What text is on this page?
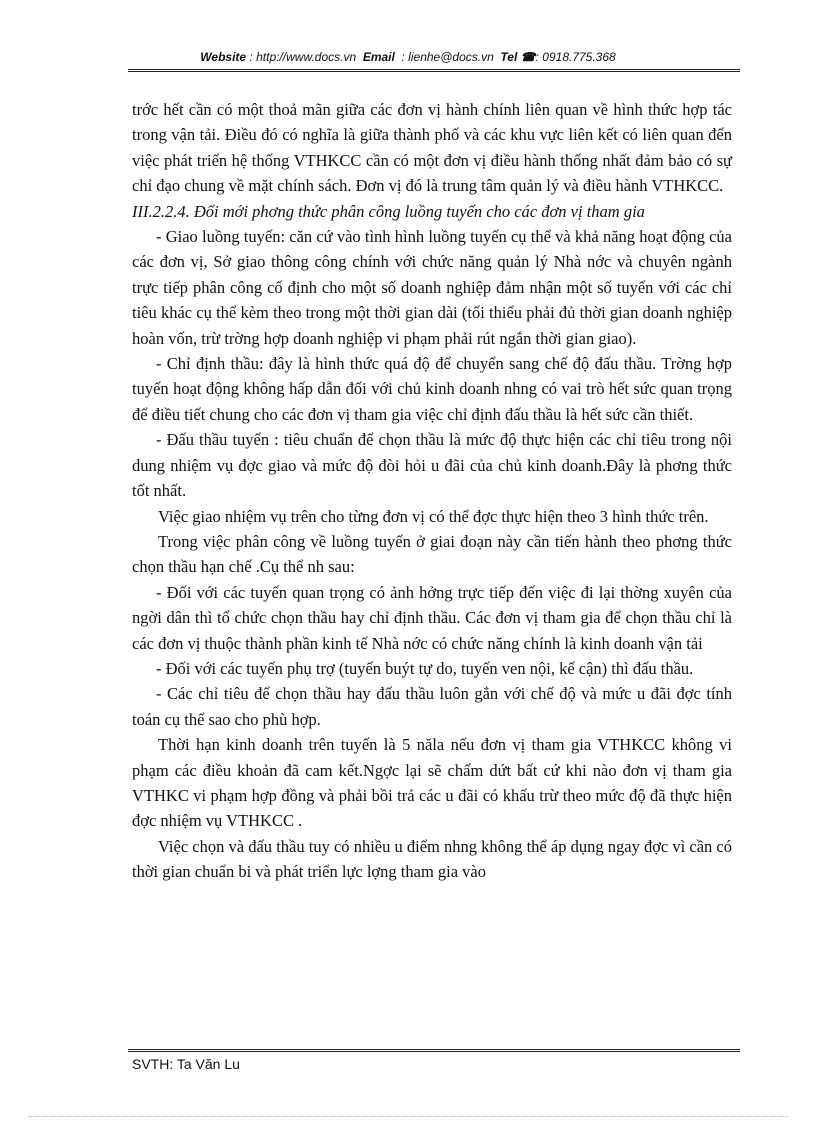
Website : http://www.docs.vn Email : lienhe@docs.vn Tel ☎: 0918.775.368

trớc hết cần có một thoả mãn giữa các đơn vị hành chính liên quan về hình thức hợp tác trong vận tải. Điều đó có nghĩa là giữa thành phố và các khu vực liên kết có liên quan đến việc phát triển hệ thống VTHKCC cần có một đơn vị điều hành thống nhất đảm bảo có sự chỉ đạo chung về mặt chính sách. Đơn vị đó là trung tâm quản lý và điều hành VTHKCC.

III.2.2.4. Đổi mới phơng thức phân công luồng tuyến cho các đơn vị tham gia

- Giao luồng tuyến: căn cứ vào tình hình luồng tuyến cụ thể và khả năng hoạt động của các đơn vị, Sở giao thông công chính với chức năng quản lý Nhà nớc và chuyên ngành trực tiếp phân công cố định cho một số doanh nghiệp đảm nhận một số tuyến với các chỉ tiêu khác cụ thể kèm theo trong một thời gian dài (tối thiểu phải đủ thời gian doanh nghiệp hoàn vốn, trừ trờng hợp doanh nghiệp vi phạm phải rút ngắn thời gian giao).

- Chỉ định thầu: đây là hình thức quá độ để chuyển sang chế độ đấu thầu. Trờng hợp tuyến hoạt động không hấp dẫn đối với chủ kinh doanh nhng có vai trò hết sức quan trọng để điều tiết chung cho các đơn vị tham gia việc chỉ định đấu thầu là hết sức cần thiết.

- Đấu thầu tuyến : tiêu chuẩn để chọn thầu là mức độ thực hiện các chỉ tiêu trong nội dung nhiệm vụ đợc giao và mức độ đòi hỏi u đãi của chủ kinh doanh.Đây là phơng thức tốt nhất.

Việc giao nhiệm vụ trên cho từng đơn vị có thể đợc thực hiện theo 3 hình thức trên.

Trong việc phân công về luồng tuyến ở giai đoạn này cần tiến hành theo phơng thức chọn thầu hạn chế .Cụ thể nh sau:

- Đối với các tuyến quan trọng có ảnh hởng trực tiếp đến việc đi lại thờng xuyên của ngời dân thì tổ chức chọn thầu hay chỉ định thầu. Các đơn vị tham gia để chọn thầu chỉ là các đơn vị thuộc thành phần kinh tế Nhà nớc có chức năng chính là kinh doanh vận tải

- Đối với các tuyến phụ trợ (tuyến buýt tự do, tuyến ven nội, kế cận) thì đấu thầu.

- Các chỉ tiêu để chọn thầu hay đấu thầu luôn gắn với chế độ và mức u đãi đợc tính toán cụ thể sao cho phù hợp.

Thời hạn kinh doanh trên tuyến là 5 năla nếu đơn vị tham gia VTHKCC không vi phạm các điều khoản đã cam kết.Ngợc lại sẽ chấm dứt bất cứ khi nào đơn vị tham gia VTHKC vi phạm hợp đồng và phải bồi trả các u đãi có khấu trừ theo mức độ đã thực hiện đợc nhiệm vụ VTHKCC .

Việc chọn và đấu thầu tuy có nhiều u điểm nhng không thể áp dụng ngay đợc vì cần có thời gian chuẩn bi và phát triển lực lợng tham gia vào

SVTH: Ta Văn Lu
